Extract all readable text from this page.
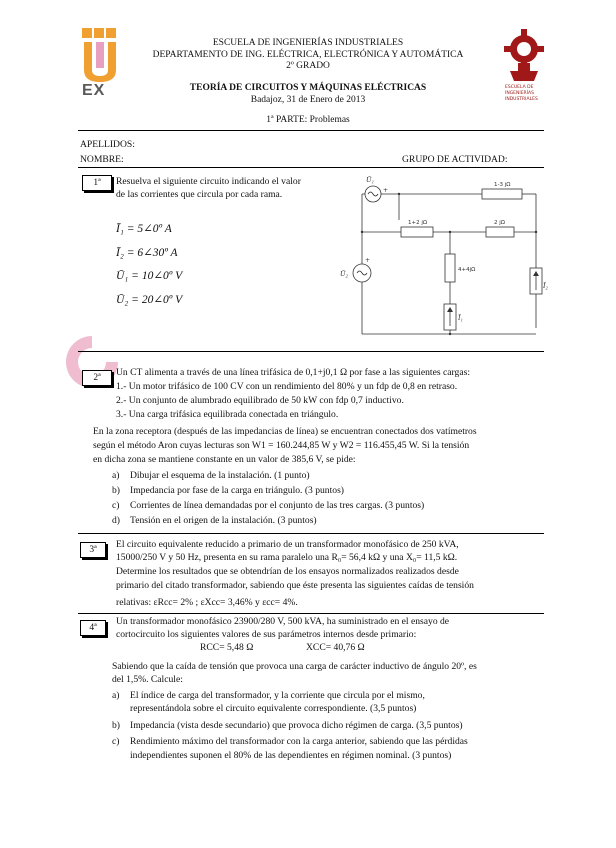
EX	ESCUELA DE
INGENIERÍAS
INDUSTRIALES
ESCUELA DE INGENIERÍAS INDUSTRIALES
DEPARTAMENTO DE ING. ELÉCTRICA, ELECTRÓNICA Y AUTOMÁTICA
2º GRADO
TEORÍA DE CIRCUITOS Y MÁQUINAS ELÉCTRICAS
Badajoz, 31 de Enero de 2013
1ª PARTE: Problemas
APELLIDOS:
NOMBRE:	GRUPO DE ACTIVIDAD:
1ª	Resuelva el siguiente circuito indicando el valor
de las corrientes que circula por cada rama.
Ī₁ = 5∠0º A
Ī₂ = 6∠30º A
Ū₁ = 10∠0º V
Ū₂ = 20∠0º V
Ū₁
Ū₂
+
+
1-3 jΩ
1+2 jΩ	2 jΩ
4+4jΩ
Ī₁
Ī₂
2ª	Un CT alimenta a través de una línea trifásica de 0,1+j0,1 Ω por fase a las siguientes cargas:
1.- Un motor trifásico de 100 CV con un rendimiento del 80% y un fdp de 0,8 en retraso.
2.- Un conjunto de alumbrado equilibrado de 50 kW con fdp 0,7 inductivo.
3.- Una carga trifásica equilibrada conectada en triángulo.
En la zona receptora (después de las impedancias de línea) se encuentran conectados dos vatímetros
según el método Aron cuyas lecturas son W1 = 160.244,85 W y W2 = 116.455,45 W. Si la tensión
en dicha zona se mantiene constante en un valor de 385,6 V, se pide:
a) Dibujar el esquema de la instalación. (1 punto)
b) Impedancia por fase de la carga en triángulo. (3 puntos)
c) Corrientes de línea demandadas por el conjunto de las tres cargas. (3 puntos)
d) Tensión en el origen de la instalación. (3 puntos)
3ª	El circuito equivalente reducido a primario de un transformador monofásico de 250 kVA,
15000/250 V y 50 Hz, presenta en su rama paralelo una R₀= 56,4 kΩ y una X₀= 11,5 kΩ.
Determine los resultados que se obtendrían de los ensayos normalizados realizados desde
primario del citado transformador, sabiendo que éste presenta las siguientes caídas de tensión
relativas: εRcc= 2% ; εXcc= 3,46% y εcc= 4%.
4ª
Un transformador monofásico 23900/280 V, 500 kVA, ha suministrado en el ensayo de
cortocircuito los siguientes valores de sus parámetros internos desde primario:
RCC= 5,48 Ω	XCC= 40,76 Ω
Sabiendo que la caída de tensión que provoca una carga de carácter inductivo de ángulo 20º, es
del 1,5%. Calcule:
a) El índice de carga del transformador, y la corriente que circula por el mismo,
representándola sobre el circuito equivalente correspondiente. (3,5 puntos)
b) Impedancia (vista desde secundario) que provoca dicho régimen de carga. (3,5 puntos)
c) Rendimiento máximo del transformador con la carga anterior, sabiendo que las pérdidas
independientes suponen el 80% de las dependientes en régimen nominal. (3 puntos)
